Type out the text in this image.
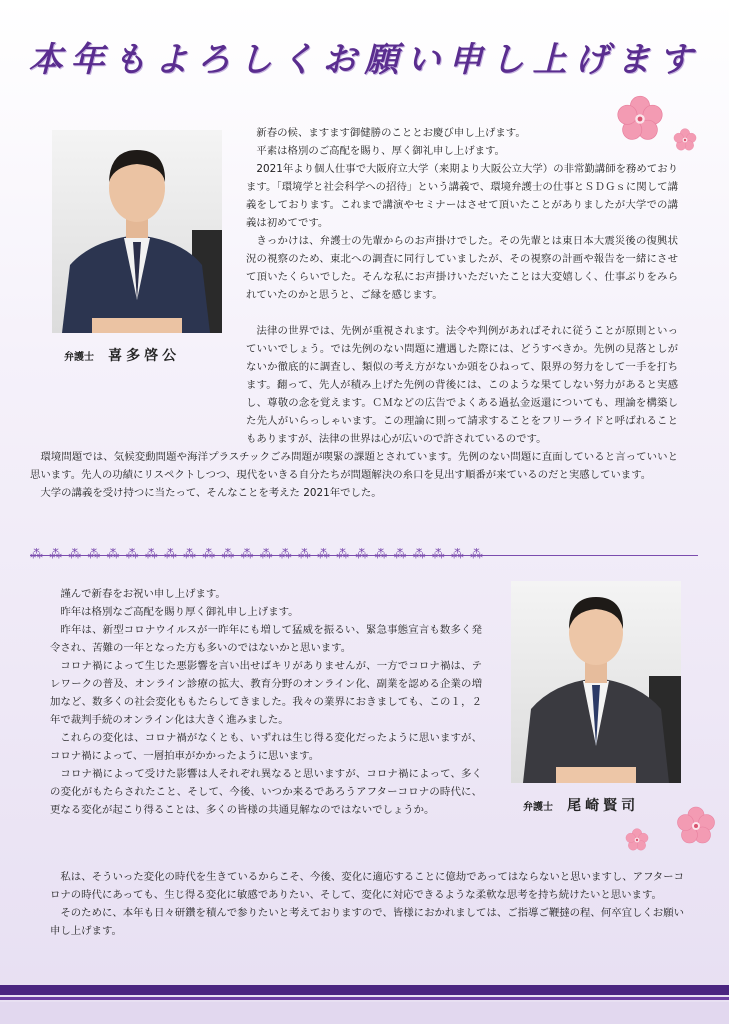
本年もよろしくお願い申し上げます
弁護士 喜多啓公

新春の候、ますます御健勝のこととお慶び申し上げます。

平素は格別のご高配を賜り、厚く御礼申し上げます。

2021年より個人仕事で大阪府立大学（来期より大阪公立大学）の非常勤講師を務めております。「環境学と社会科学への招待」という講義で、環境弁護士の仕事とＳＤＧｓに関して講義をしております。これまで講演やセミナーはさせて頂いたことがありましたが大学での講義は初めてです。

きっかけは、弁護士の先輩からのお声掛けでした。その先輩とは東日本大震災後の復興状況の視察のため、東北への調査に同行していましたが、その視察の計画や報告を一緒にさせて頂いたくらいでした。そんな私にお声掛けいただいたことは大変嬉しく、仕事ぶりをみられていたのかと思うと、ご縁を感じます。

法律の世界では、先例が重視されます。法令や判例があればそれに従うことが原則といっていいでしょう。では先例のない問題に遭遇した際には、どうすべきか。先例の見落としがないか徹底的に調査し、類似の考え方がないか頭をひねって、限界の努力をして一手を打ちます。翻って、先人が積み上げた先例の背後には、このような果てしない努力があると実感し、尊敬の念を覚えます。ＣＭなどの広告でよくある過払金返還についても、理論を構築した先人がいらっしゃいます。この理論に則って請求することをフリーライドと呼ばれることもありますが、法律の世界は心が広いので許されているのです。

環境問題では、気候変動問題や海洋プラスチックごみ問題が喫緊の課題とされています。先例のない問題に直面していると言っていいと思います。先人の功績にリスペクトしつつ、現代をいきる自分たちが問題解決の糸口を見出す順番が来ているのだと実感しています。

大学の講義を受け持つに当たって、そんなことを考えた 2021年でした。

⁂ ⁂ ⁂ ⁂ ⁂ ⁂ ⁂ ⁂ ⁂ ⁂ ⁂ ⁂ ⁂ ⁂ ⁂ ⁂ ⁂ ⁂ ⁂ ⁂ ⁂ ⁂ ⁂ ⁂
弁護士 尾崎賢司

謹んで新春をお祝い申し上げます。

昨年は格別なご高配を賜り厚く御礼申し上げます。

昨年は、新型コロナウイルスが一昨年にも増して猛威を振るい、緊急事態宣言も数多く発令され、苦難の一年となった方も多いのではないかと思います。

コロナ禍によって生じた悪影響を言い出せばキリがありませんが、一方でコロナ禍は、テレワークの普及、オンライン診療の拡大、教育分野のオンライン化、副業を認める企業の増加など、数多くの社会変化ももたらしてきました。我々の業界におきましても、この１，２年で裁判手続のオンライン化は大きく進みました。

これらの変化は、コロナ禍がなくとも、いずれは生じ得る変化だったように思いますが、コロナ禍によって、一層拍車がかかったように思います。

コロナ禍によって受けた影響は人それぞれ異なると思いますが、コロナ禍によって、多くの変化がもたらされたこと、そして、今後、いつか来るであろうアフターコロナの時代に、更なる変化が起こり得ることは、多くの皆様の共通見解なのではないでしょうか。

私は、そういった変化の時代を生きているからこそ、今後、変化に適応することに億劫であってはならないと思いますし、アフターコロナの時代にあっても、生じ得る変化に敏感でありたい、そして、変化に対応できるような柔軟な思考を持ち続けたいと思います。

そのために、本年も日々研鑽を積んで参りたいと考えておりますので、皆様におかれましては、ご指導ご鞭撻の程、何卒宜しくお願い申し上げます。
